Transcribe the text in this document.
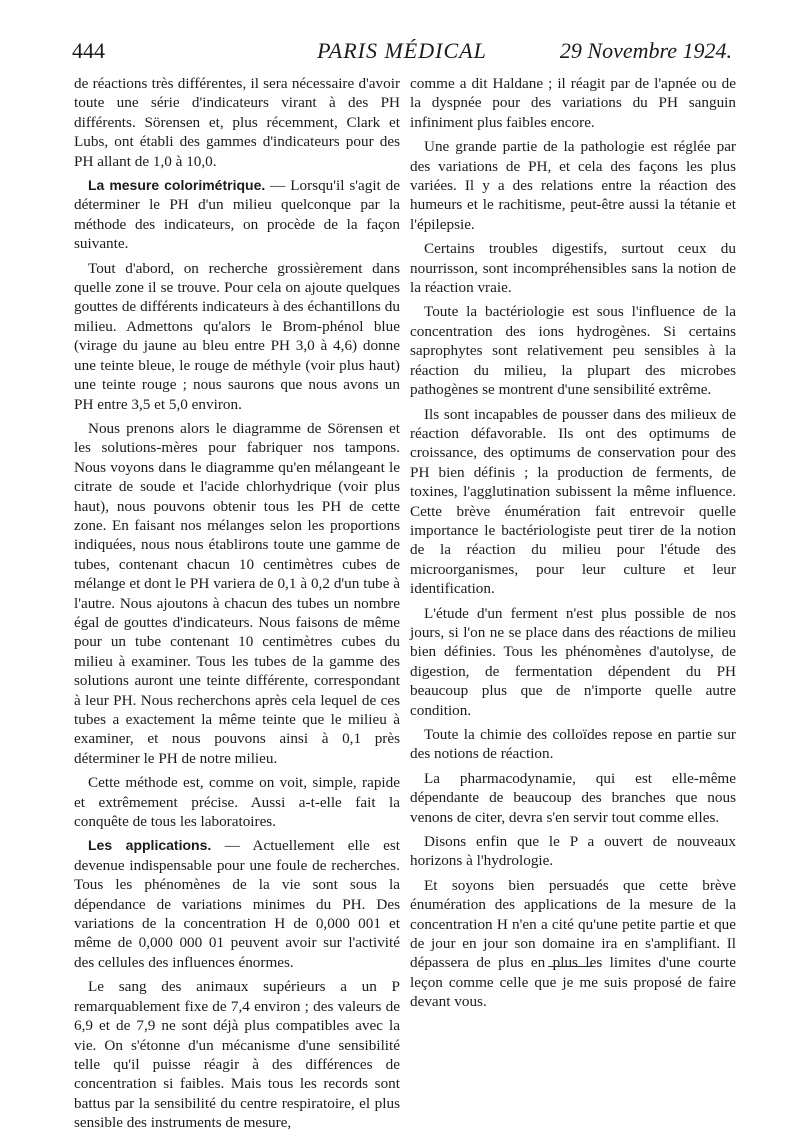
444	PARIS MÉDICAL	29 Novembre 1924.

de réactions très différentes, il sera nécessaire d'avoir toute une série d'indicateurs virant à des PH différents. Sörensen et, plus récemment, Clark et Lubs, ont établi des gammes d'indicateurs pour des PH allant de 1,0 à 10,0.

La mesure colorimétrique. — Lorsqu'il s'agit de déterminer le PH d'un milieu quelconque par la méthode des indicateurs, on procède de la façon suivante.

Tout d'abord, on recherche grossièrement dans quelle zone il se trouve. Pour cela on ajoute quelques gouttes de différents indicateurs à des échantillons du milieu. Admettons qu'alors le Brom-phénol blue (virage du jaune au bleu entre PH 3,0 à 4,6) donne une teinte bleue, le rouge de méthyle (voir plus haut) une teinte rouge ; nous saurons que nous avons un PH entre 3,5 et 5,0 environ.

Nous prenons alors le diagramme de Sörensen et les solutions-mères pour fabriquer nos tampons. Nous voyons dans le diagramme qu'en mélangeant le citrate de soude et l'acide chlorhydrique (voir plus haut), nous pouvons obtenir tous les PH de cette zone. En faisant nos mélanges selon les proportions indiquées, nous nous établirons toute une gamme de tubes, contenant chacun 10 centimètres cubes de mélange et dont le PH variera de 0,1 à 0,2 d'un tube à l'autre. Nous ajoutons à chacun des tubes un nombre égal de gouttes d'indicateurs. Nous faisons de même pour un tube contenant 10 centimètres cubes du milieu à examiner. Tous les tubes de la gamme des solutions auront une teinte différente, correspondant à leur PH. Nous recherchons après cela lequel de ces tubes a exactement la même teinte que le milieu à examiner, et nous pouvons ainsi à 0,1 près déterminer le PH de notre milieu.

Cette méthode est, comme on voit, simple, rapide et extrêmement précise. Aussi a-t-elle fait la conquête de tous les laboratoires.

Les applications. — Actuellement elle est devenue indispensable pour une foule de recherches. Tous les phénomènes de la vie sont sous la dépendance de variations minimes du PH. Des variations de la concentration H de 0,000 001 et même de 0,000 000 01 peuvent avoir sur l'activité des cellules des influences énormes.

Le sang des animaux supérieurs a un P remarquablement fixe de 7,4 environ ; des valeurs de 6,9 et de 7,9 ne sont déjà plus compatibles avec la vie. On s'étonne d'un mécanisme d'une sensibilité telle qu'il puisse réagir à des différences de concentration si faibles. Mais tous les records sont battus par la sensibilité du centre respiratoire, el plus sensible des instruments de mesure,

comme a dit Haldane ; il réagit par de l'apnée ou de la dyspnée pour des variations du PH sanguin infiniment plus faibles encore.

Une grande partie de la pathologie est réglée par des variations de PH, et cela des façons les plus variées. Il y a des relations entre la réaction des humeurs et le rachitisme, peut-être aussi la tétanie et l'épilepsie.

Certains troubles digestifs, surtout ceux du nourrisson, sont incompréhensibles sans la notion de la réaction vraie.

Toute la bactériologie est sous l'influence de la concentration des ions hydrogènes. Si certains saprophytes sont relativement peu sensibles à la réaction du milieu, la plupart des microbes pathogènes se montrent d'une sensibilité extrême.

Ils sont incapables de pousser dans des milieux de réaction défavorable. Ils ont des optimums de croissance, des optimums de conservation pour des PH bien définis ; la production de ferments, de toxines, l'agglutination subissent la même influence. Cette brève énumération fait entrevoir quelle importance le bactériologiste peut tirer de la notion de la réaction du milieu pour l'étude des microorganismes, pour leur culture et leur identification.

L'étude d'un ferment n'est plus possible de nos jours, si l'on ne se place dans des réactions de milieu bien définies. Tous les phénomènes d'autolyse, de digestion, de fermentation dépendent du PH beaucoup plus que de n'importe quelle autre condition.

Toute la chimie des colloïdes repose en partie sur des notions de réaction.

La pharmacodynamie, qui est elle-même dépendante de beaucoup des branches que nous venons de citer, devra s'en servir tout comme elles.

Disons enfin que le P a ouvert de nouveaux horizons à l'hydrologie.

Et soyons bien persuadés que cette brève énumération des applications de la mesure de la concentration H n'en a cité qu'une petite partie et que de jour en jour son domaine ira en s'amplifiant. Il dépassera de plus en plus les limites d'une courte leçon comme celle que je me suis proposé de faire devant vous.
